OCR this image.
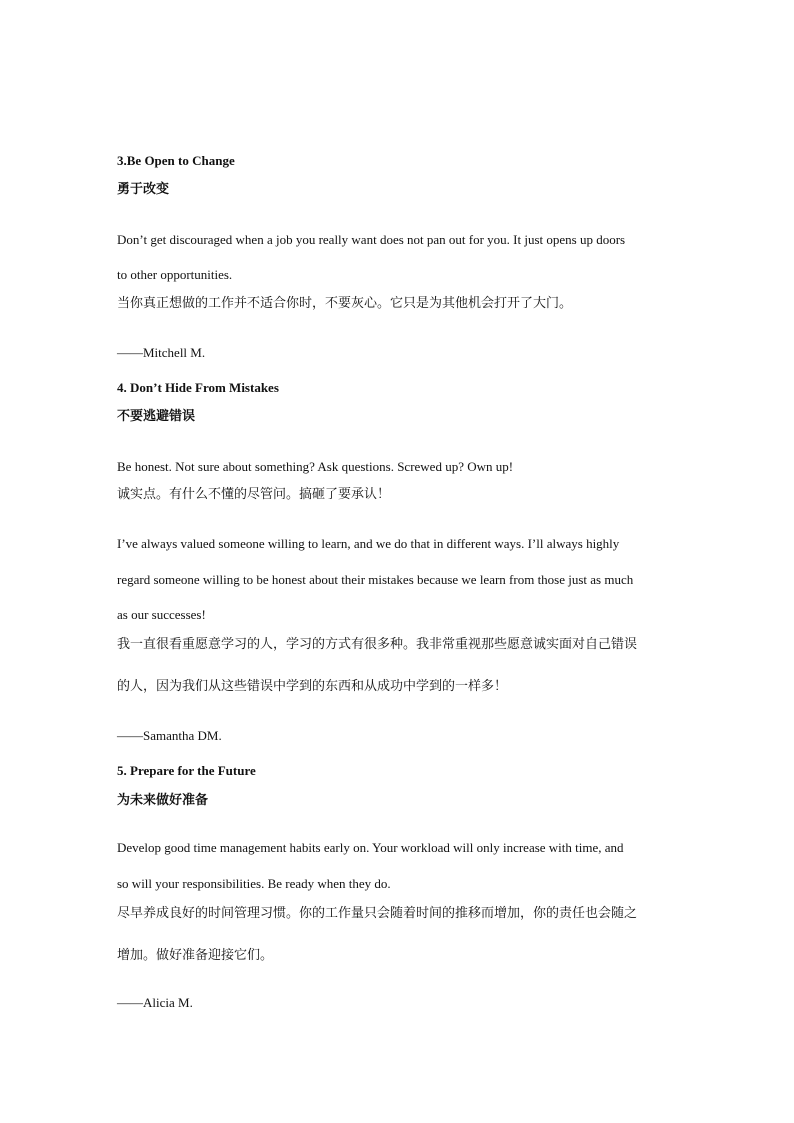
3.Be Open to Change
勇于改变
Don’t get discouraged when a job you really want does not pan out for you. It just opens up doors
to other opportunities.
当你真正想做的工作并不适合你时，不要灰心。它只是为其他机会打开了大门。
——Mitchell M.
4. Don’t Hide From Mistakes
不要逃避错误
Be honest. Not sure about something? Ask questions. Screwed up? Own up!
诚实点。有什么不懂的尽管问。搞砸了要承认！
I’ve always valued someone willing to learn, and we do that in different ways. I’ll always highly
regard someone willing to be honest about their mistakes because we learn from those just as much
as our successes!
我一直很看重愿意学习的人，学习的方式有很多种。我非常重视那些愿意诚实面对自己错误
的人，因为我们从这些错误中学到的东西和从成功中学到的一样多！
——Samantha DM.
5. Prepare for the Future
为未来做好准备
Develop good time management habits early on. Your workload will only increase with time, and
so will your responsibilities. Be ready when they do.
尽早养成良好的时间管理习惯。你的工作量只会随着时间的推移而增加，你的责任也会随之
增加。做好准备迎接它们。
——Alicia M.
